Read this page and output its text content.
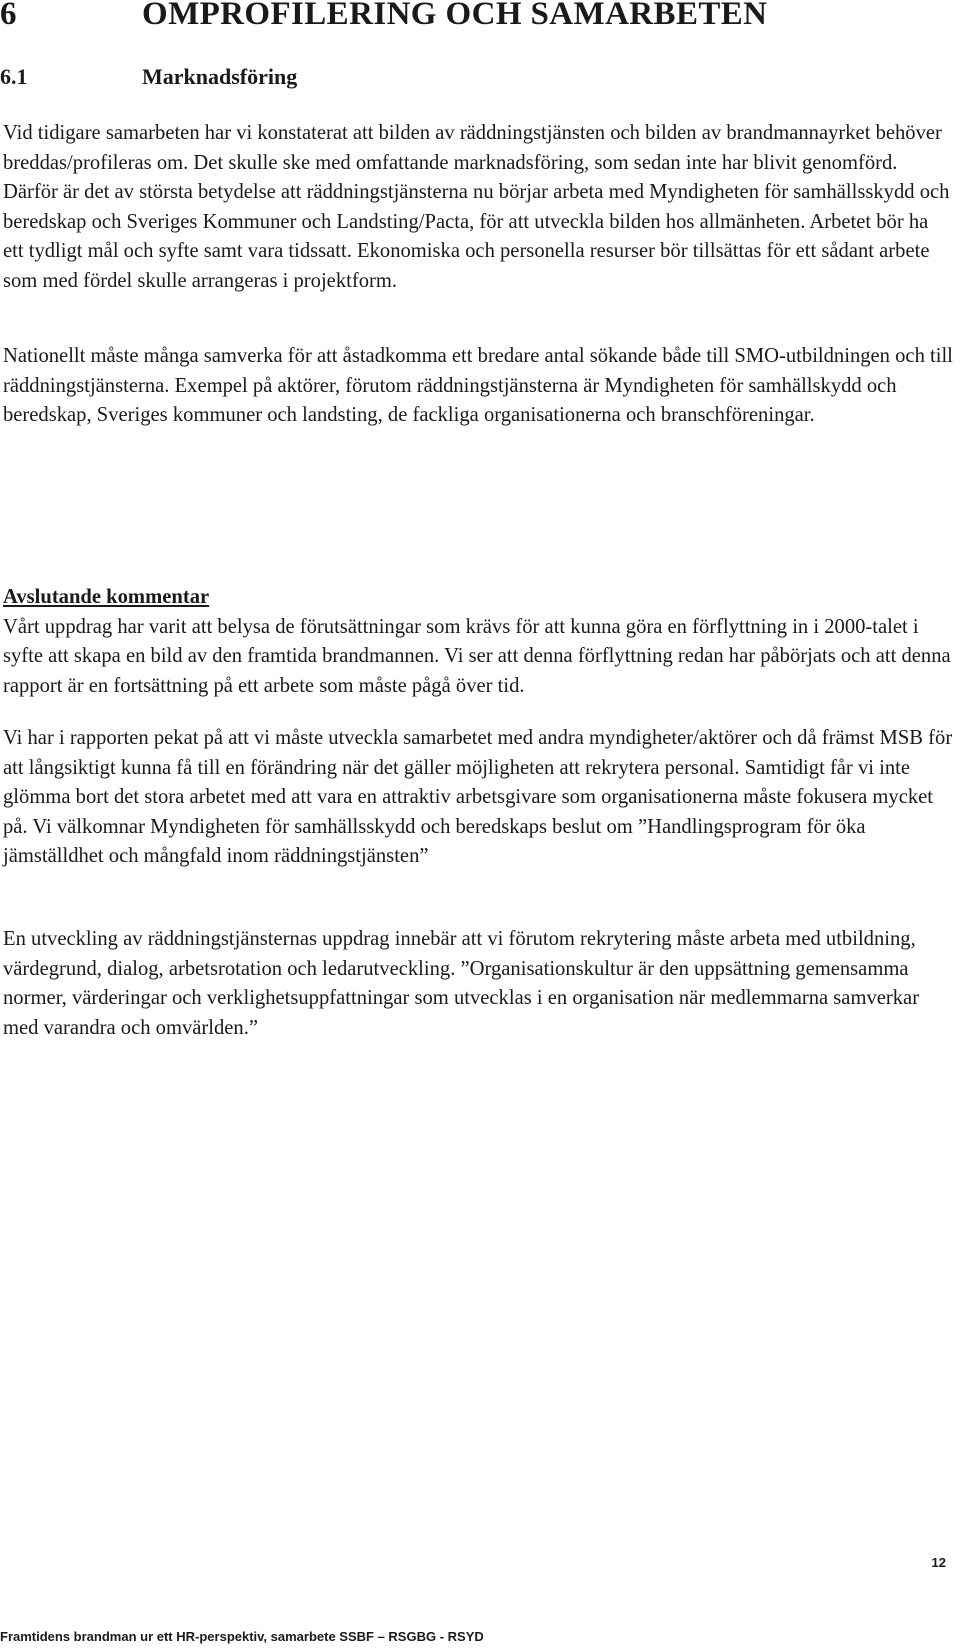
6	OMPROFILERING OCH SAMARBETEN
6.1	Marknadsföring

Vid tidigare samarbeten har vi konstaterat att bilden av räddningstjänsten och bilden av brandmannayrket behöver breddas/profileras om. Det skulle ske med omfattande marknadsföring, som sedan inte har blivit genomförd. Därför är det av största betydelse att räddningstjänsterna nu börjar arbeta med Myndigheten för samhällsskydd och beredskap och Sveriges Kommuner och Landsting/Pacta, för att utveckla bilden hos allmänheten. Arbetet bör ha ett tydligt mål och syfte samt vara tidssatt. Ekonomiska och personella resurser bör tillsättas för ett sådant arbete som med fördel skulle arrangeras i projektform.

Nationellt måste många samverka för att åstadkomma ett bredare antal sökande både till SMO-utbildningen och till räddningstjänsterna. Exempel på aktörer, förutom räddningstjänsterna är Myndigheten för samhällskydd och beredskap, Sveriges kommuner och landsting, de fackliga organisationerna och branschföreningar.

Avslutande kommentar
Vårt uppdrag har varit att belysa de förutsättningar som krävs för att kunna göra en förflyttning in i 2000-talet i syfte att skapa en bild av den framtida brandmannen. Vi ser att denna förflyttning redan har påbörjats och att denna rapport är en fortsättning på ett arbete som måste pågå över tid.

Vi har i rapporten pekat på att vi måste utveckla samarbetet med andra myndigheter/aktörer och då främst MSB för att långsiktigt kunna få till en förändring när det gäller möjligheten att rekrytera personal. Samtidigt får vi inte glömma bort det stora arbetet med att vara en attraktiv arbetsgivare som organisationerna måste fokusera mycket på. Vi välkomnar Myndigheten för samhällsskydd och beredskaps beslut om ”Handlingsprogram för öka jämställdhet och mångfald inom räddningstjänsten”

En utveckling av räddningstjänsternas uppdrag innebär att vi förutom rekrytering måste arbeta med utbildning, värdegrund, dialog, arbetsrotation och ledarutveckling. ”Organisationskultur är den uppsättning gemensamma normer, värderingar och verklighetsuppfattningar som utvecklas i en organisation när medlemmarna samverkar med varandra och omvärlden.”

12
Framtidens brandman ur ett HR-perspektiv, samarbete SSBF – RSGBG - RSYD
